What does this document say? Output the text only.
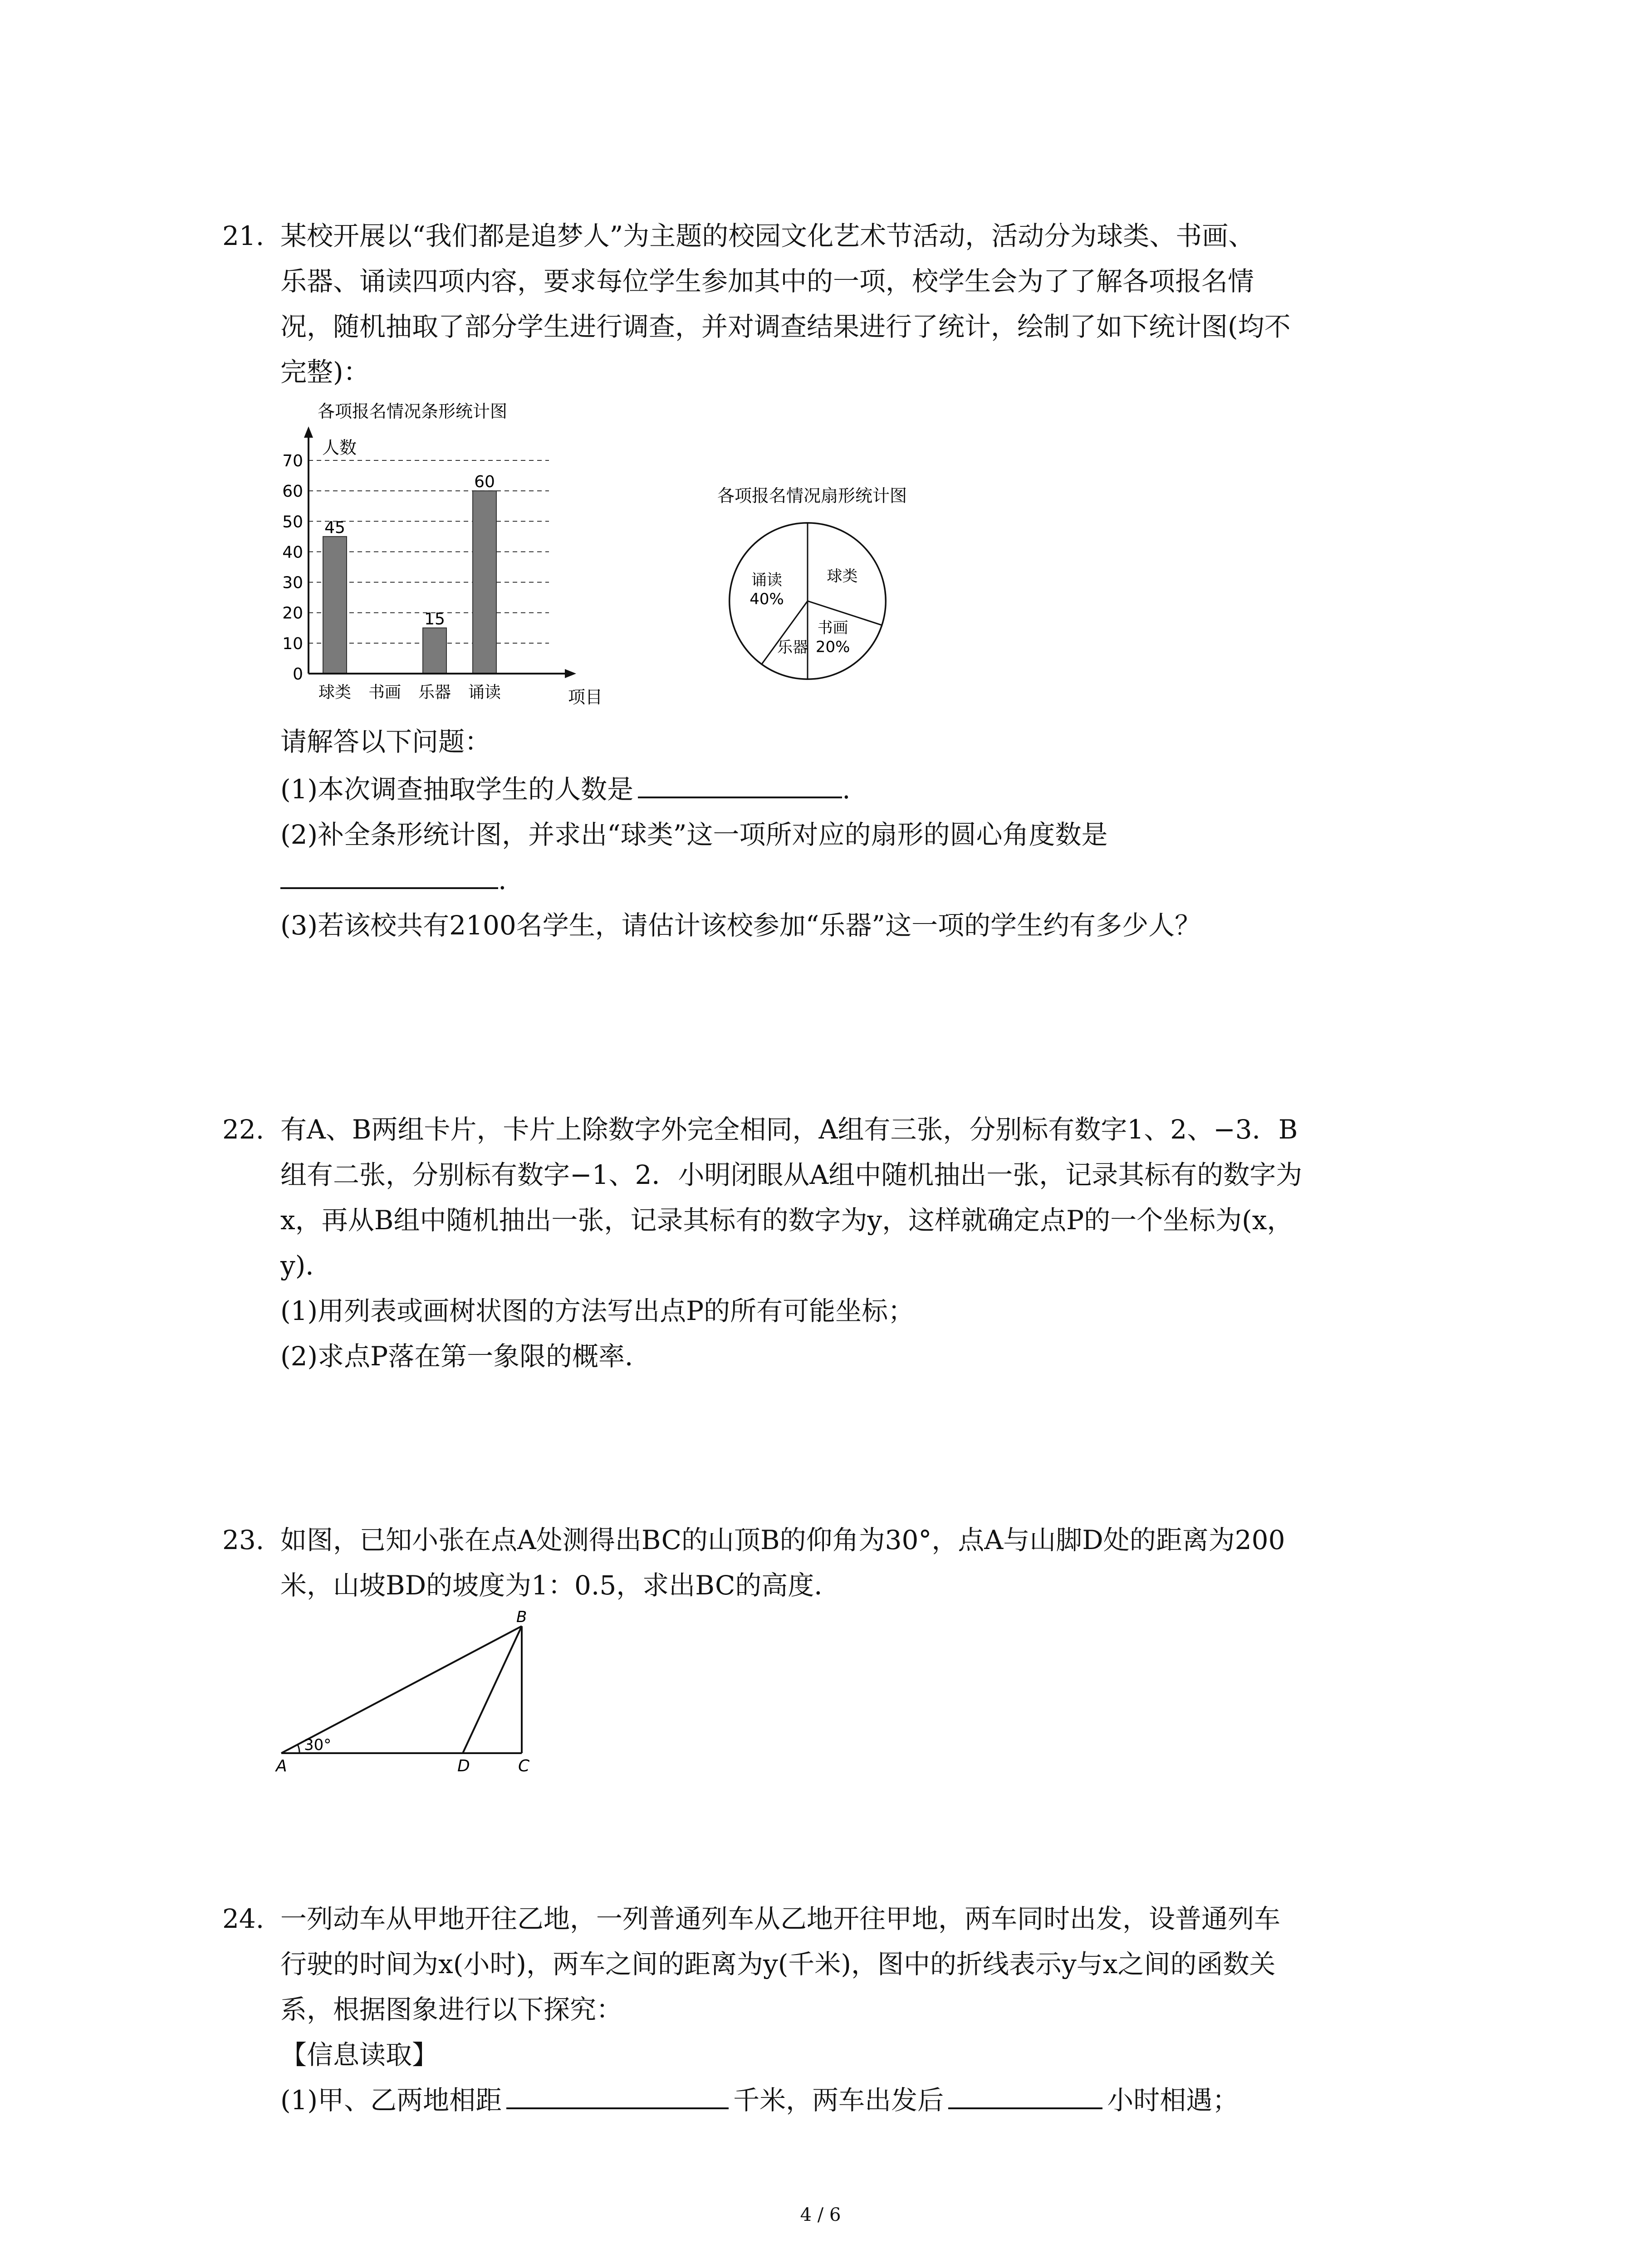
21. 某校开展以“我们都是追梦人”为主题的校园文化艺术节活动，活动分为球类、书画、
乐器、诵读四项内容，要求每位学生参加其中的一项，校学生会为了了解各项报名情
况，随机抽取了部分学生进行调查，并对调查结果进行了统计，绘制了如下统计图(均不
完整)：
各项报名情况条形统计图
人数
项目
0
10
20
30
40
50
60
70
45
15
60
球类 书画 乐器 诵读
各项报名情况扇形统计图
球类
书画
20%
乐器
诵读
40%
请解答以下问题：
(1)本次调查抽取学生的人数是	.
(2)补全条形统计图，并求出“球类”这一项所对应的扇形的圆心角度数是
.
(3)若该校共有2100名学生，请估计该校参加“乐器”这一项的学生约有多少人？
22. 有A、B两组卡片，卡片上除数字外完全相同，A组有三张，分别标有数字1、2、−3．B
组有二张，分别标有数字−1、2．小明闭眼从A组中随机抽出一张，记录其标有的数字为
x，再从B组中随机抽出一张，记录其标有的数字为y，这样就确定点P的一个坐标为(x，
y)．
(1)用列表或画树状图的方法写出点P的所有可能坐标；
(2)求点P落在第一象限的概率．
23. 如图，已知小张在点A处测得出BC的山顶B的仰角为30°，点A与山脚D处的距离为200
米，山坡BD的坡度为1：0.5，求出BC的高度．
30°
A
B
C
D
24. 一列动车从甲地开往乙地，一列普通列车从乙地开往甲地，两车同时出发，设普通列车
行驶的时间为x(小时)，两车之间的距离为y(千米)，图中的折线表示y与x之间的函数关
系，根据图象进行以下探究：
【信息读取】
(1)甲、乙两地相距	千米，两车出发后	小时相遇；
4 / 6
